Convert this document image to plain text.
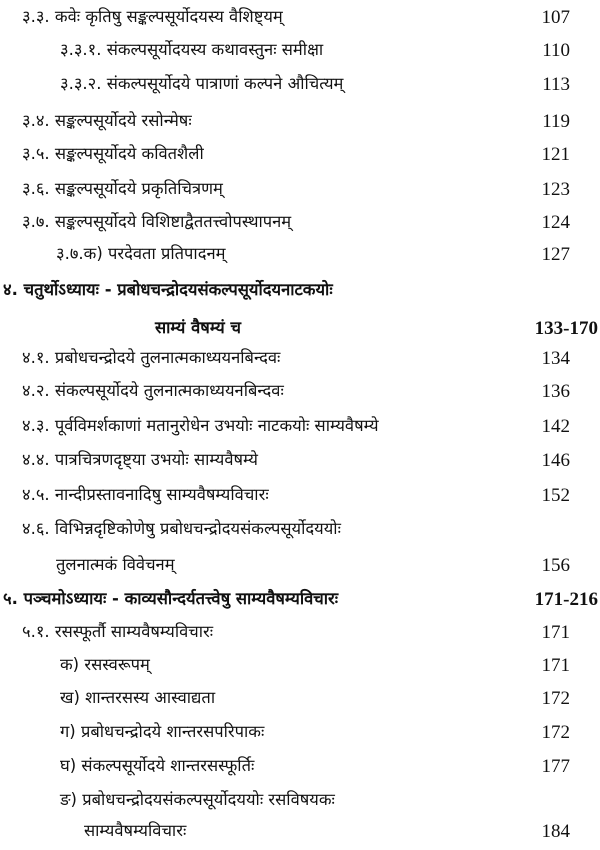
३.३. कवेः कृतिषु सङ्कल्पसूर्योदयस्य वैशिष्ट्यम्	107
३.३.१. संकल्पसूर्योदयस्य कथावस्तुनः समीक्षा	110
३.३.२. संकल्पसूर्योदये पात्राणां कल्पने औचित्यम्	113
३.४. सङ्कल्पसूर्योदये रसोन्मेषः	119
३.५. सङ्कल्पसूर्योदये कवितशैली	121
३.६. सङ्कल्पसूर्योदये प्रकृतिचित्रणम्	123
३.७. सङ्कल्पसूर्योदये विशिष्टाद्वैततत्त्वोपस्थापनम्	124
३.७.क) परदेवता प्रतिपादनम्	127
४. चतुर्थोऽध्यायः - प्रबोधचन्द्रोदयसंकल्पसूर्योदयनाटकयोः
साम्यं वैषम्यं च	133-170
४.१. प्रबोधचन्द्रोदये तुलनात्मकाध्ययनबिन्दवः	134
४.२. संकल्पसूर्योदये तुलनात्मकाध्ययनबिन्दवः	136
४.३. पूर्वविमर्शकाणां मतानुरोधेन उभयोः नाटकयोः साम्यवैषम्ये	142
४.४. पात्रचित्रणदृष्ट्या उभयोः साम्यवैषम्ये	146
४.५. नान्दीप्रस्तावनादिषु साम्यवैषम्यविचारः	152
४.६. विभिन्नदृष्टिकोणेषु प्रबोधचन्द्रोदयसंकल्पसूर्योदययोः
तुलनात्मकं विवेचनम्	156
५. पञ्चमोऽध्यायः - काव्यसौन्दर्यतत्त्वेषु साम्यवैषम्यविचारः	171-216
५.१. रसस्फूर्तौ साम्यवैषम्यविचारः	171
क) रसस्वरूपम्	171
ख) शान्तरसस्य आस्वाद्यता	172
ग) प्रबोधचन्द्रोदये शान्तरसपरिपाकः	172
घ) संकल्पसूर्योदये शान्तरसस्फूर्तिः	177
ङ) प्रबोधचन्द्रोदयसंकल्पसूर्योदययोः रसविषयकः
साम्यवैषम्यविचारः	184
